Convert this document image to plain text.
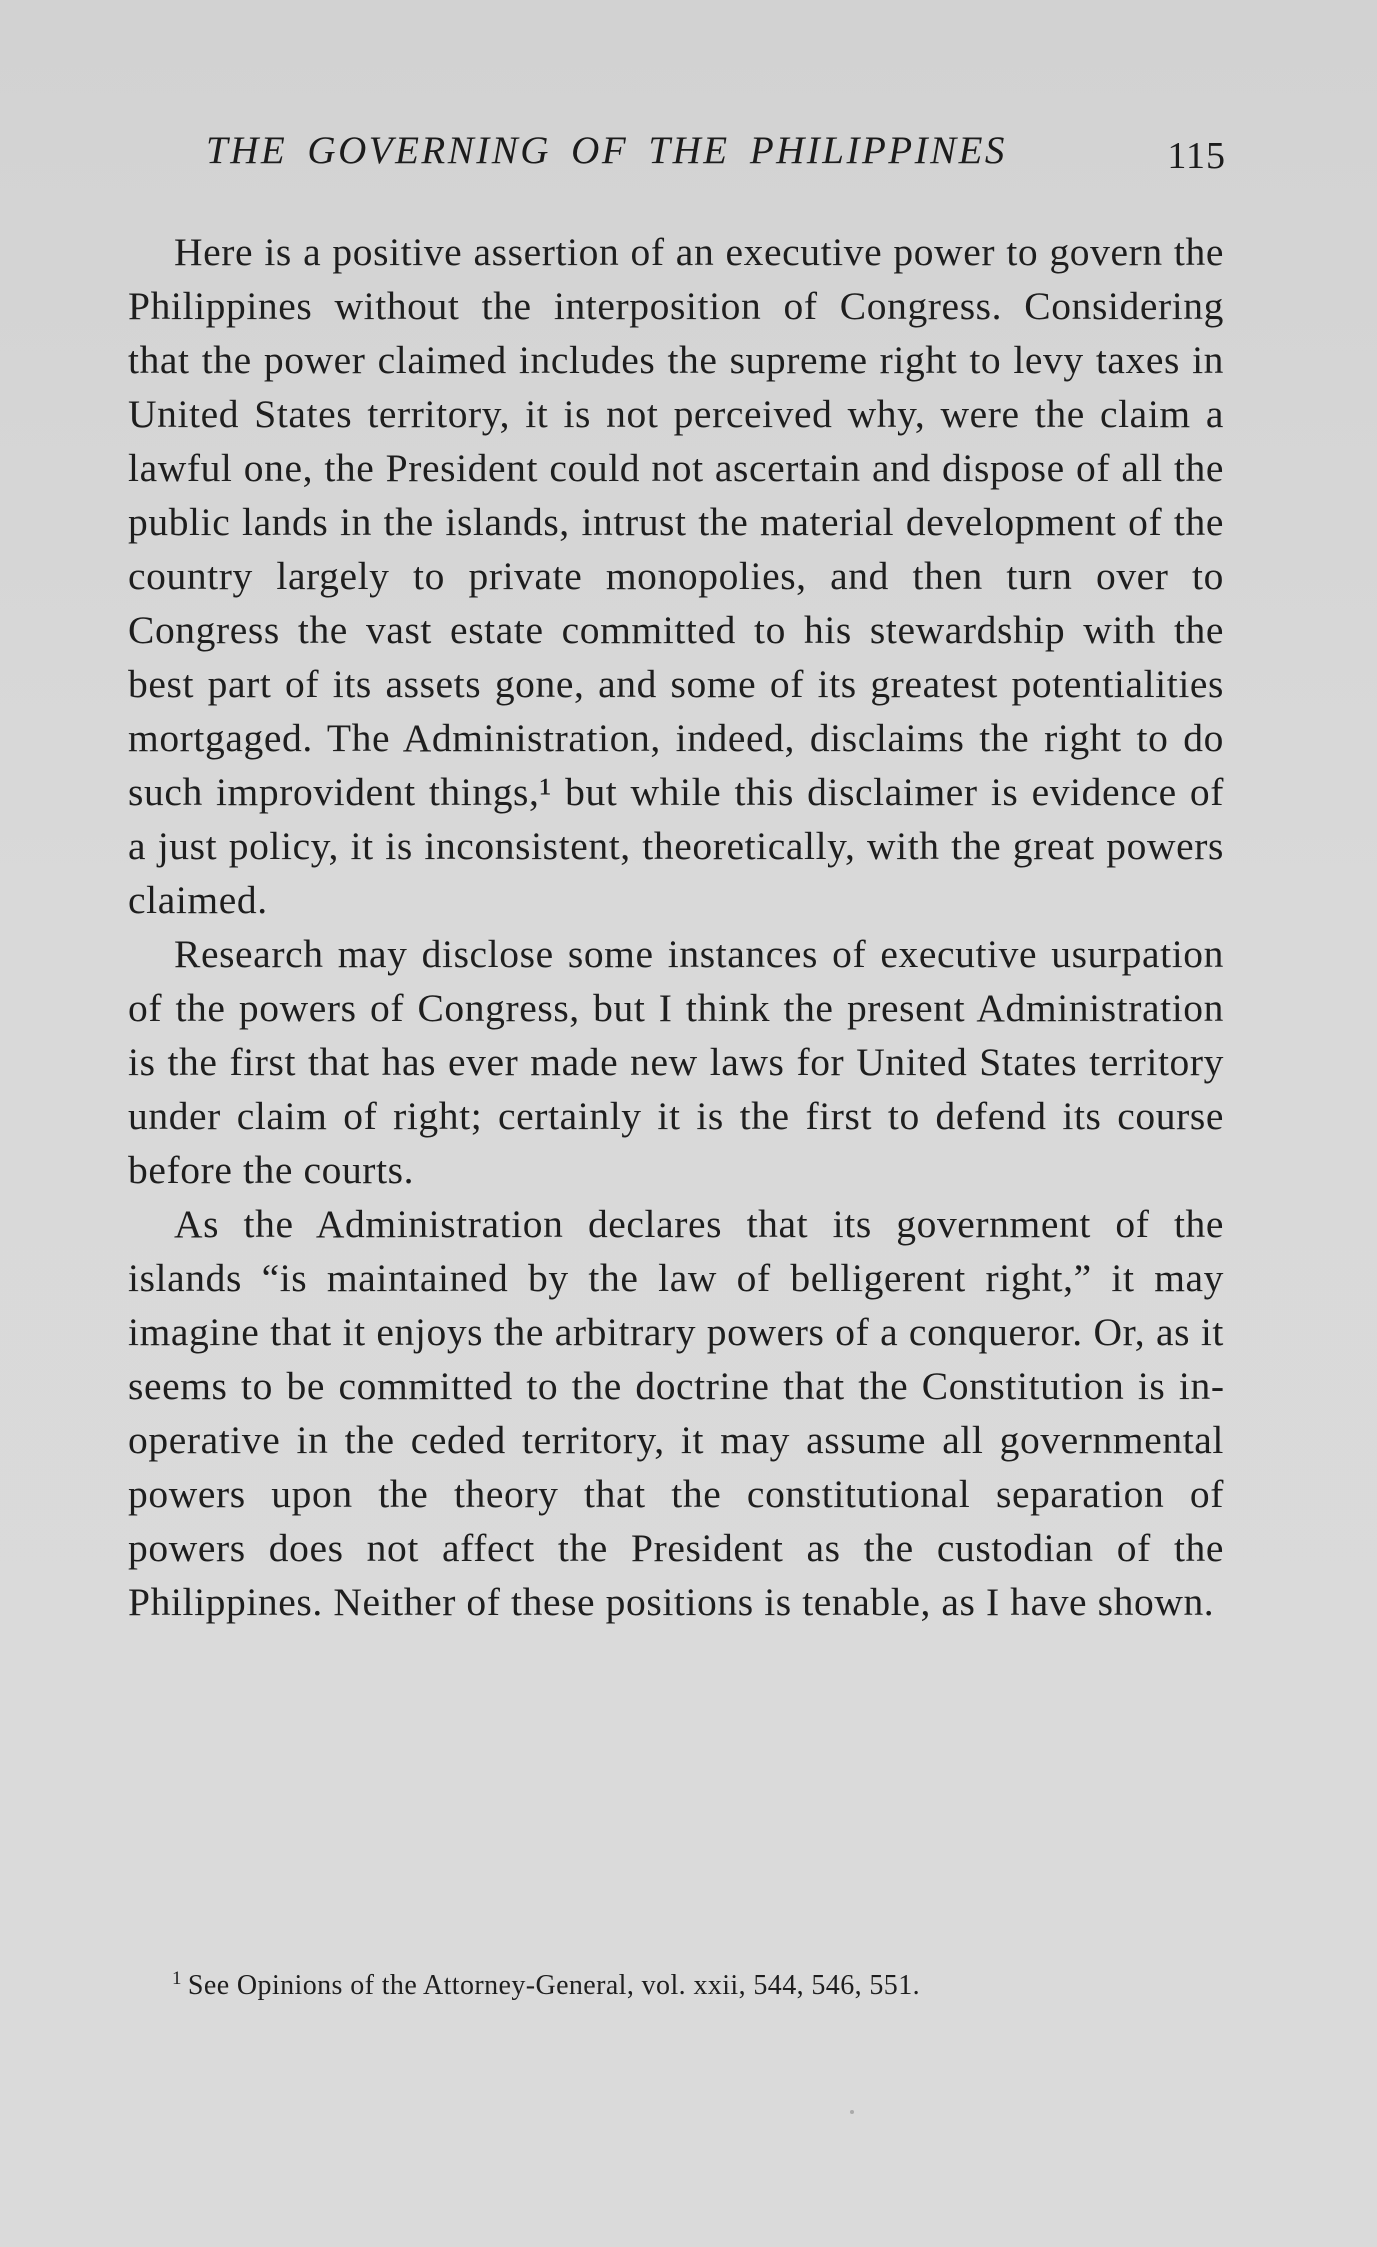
THE GOVERNING OF THE PHILIPPINES	115

Here is a positive assertion of an executive power to govern the Philippines without the interposition of Congress. Considering that the power claimed includes the supreme right to levy taxes in United States territory, it is not perceived why, were the claim a lawful one, the President could not ascertain and dispose of all the public lands in the islands, intrust the material development of the country largely to private monopolies, and then turn over to Congress the vast estate committed to his stewardship with the best part of its assets gone, and some of its greatest potentialities mortgaged. The Administration, indeed, disclaims the right to do such improvident things,¹ but while this disclaimer is evidence of a just policy, it is inconsistent, theoretically, with the great powers claimed.

Research may disclose some instances of executive usurpation of the powers of Congress, but I think the present Administration is the first that has ever made new laws for United States territory under claim of right; certainly it is the first to defend its course before the courts.

As the Administration declares that its government of the islands “is maintained by the law of belligerent right,” it may imagine that it enjoys the arbitrary powers of a conqueror. Or, as it seems to be committed to the doctrine that the Constitution is inoperative in the ceded territory, it may assume all governmental powers upon the theory that the constitutional separation of powers does not affect the President as the custodian of the Philippines. Neither of these positions is tenable, as I have shown.

$^1$ See Opinions of the Attorney-General, vol. xxii, 544, 546, 551.
